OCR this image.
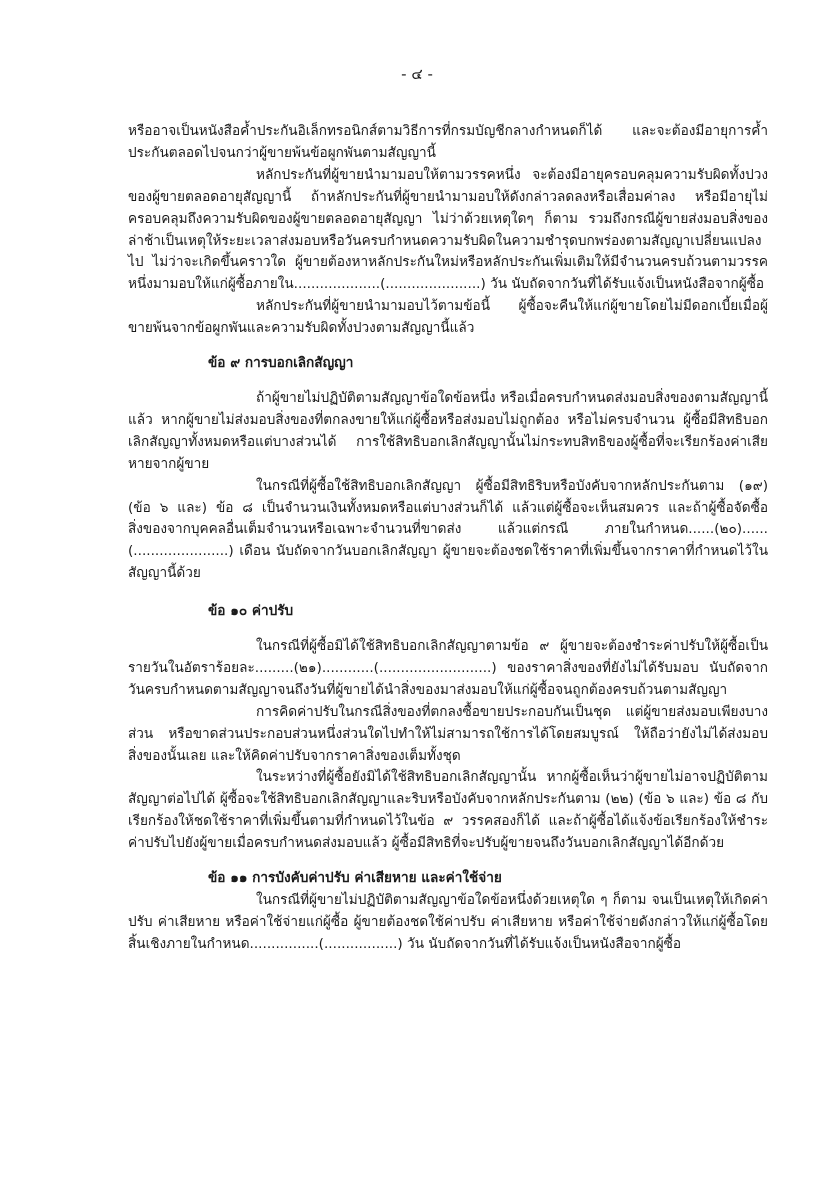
- ๔ -

หรืออาจเป็นหนังสือค้ำประกันอิเล็กทรอนิกส์ตามวิธีการที่กรมบัญชีกลางกำหนดก็ได้ และจะต้องมีอายุการค้ำประกันตลอดไปจนกว่าผู้ขายพ้นข้อผูกพันตามสัญญานี้

หลักประกันที่ผู้ขายนำมามอบให้ตามวรรคหนึ่ง จะต้องมีอายุครอบคลุมความรับผิดทั้งปวงของผู้ขายตลอดอายุสัญญานี้ ถ้าหลักประกันที่ผู้ขายนำมามอบให้ดังกล่าวลดลงหรือเสื่อมค่าลง หรือมีอายุไม่ครอบคลุมถึงความรับผิดของผู้ขายตลอดอายุสัญญา ไม่ว่าด้วยเหตุใดๆ ก็ตาม รวมถึงกรณีผู้ขายส่งมอบสิ่งของล่าช้าเป็นเหตุให้ระยะเวลาส่งมอบหรือวันครบกำหนดความรับผิดในความชำรุดบกพร่องตามสัญญาเปลี่ยนแปลงไป ไม่ว่าจะเกิดขึ้นคราวใด ผู้ขายต้องหาหลักประกันใหม่หรือหลักประกันเพิ่มเติมให้มีจำนวนครบถ้วนตามวรรคหนึ่งมามอบให้แก่ผู้ซื้อภายใน....................(......................) วัน นับถัดจากวันที่ได้รับแจ้งเป็นหนังสือจากผู้ซื้อ

หลักประกันที่ผู้ขายนำมามอบไว้ตามข้อนี้ ผู้ซื้อจะคืนให้แก่ผู้ขายโดยไม่มีดอกเบี้ยเมื่อผู้ขายพ้นจากข้อผูกพันและความรับผิดทั้งปวงตามสัญญานี้แล้ว

ข้อ ๙ การบอกเลิกสัญญา

ถ้าผู้ขายไม่ปฏิบัติตามสัญญาข้อใดข้อหนึ่ง หรือเมื่อครบกำหนดส่งมอบสิ่งของตามสัญญานี้แล้ว หากผู้ขายไม่ส่งมอบสิ่งของที่ตกลงขายให้แก่ผู้ซื้อหรือส่งมอบไม่ถูกต้อง หรือไม่ครบจำนวน ผู้ซื้อมีสิทธิบอกเลิกสัญญาทั้งหมดหรือแต่บางส่วนได้ การใช้สิทธิบอกเลิกสัญญานั้นไม่กระทบสิทธิของผู้ซื้อที่จะเรียกร้องค่าเสียหายจากผู้ขาย

ในกรณีที่ผู้ซื้อใช้สิทธิบอกเลิกสัญญา ผู้ซื้อมีสิทธิริบหรือบังคับจากหลักประกันตาม (๑๙) (ข้อ ๖ และ) ข้อ ๘ เป็นจำนวนเงินทั้งหมดหรือแต่บางส่วนก็ได้ แล้วแต่ผู้ซื้อจะเห็นสมควร และถ้าผู้ซื้อจัดซื้อสิ่งของจากบุคคลอื่นเต็มจำนวนหรือเฉพาะจำนวนที่ขาดส่ง แล้วแต่กรณี ภายในกำหนด......(๒๐)...... (......................) เดือน นับถัดจากวันบอกเลิกสัญญา ผู้ขายจะต้องชดใช้ราคาที่เพิ่มขึ้นจากราคาที่กำหนดไว้ในสัญญานี้ด้วย

ข้อ ๑๐ ค่าปรับ

ในกรณีที่ผู้ซื้อมิได้ใช้สิทธิบอกเลิกสัญญาตามข้อ ๙ ผู้ขายจะต้องชำระค่าปรับให้ผู้ซื้อเป็นรายวันในอัตราร้อยละ.........(๒๑)............(..........................) ของราคาสิ่งของที่ยังไม่ได้รับมอบ นับถัดจากวันครบกำหนดตามสัญญาจนถึงวันที่ผู้ขายได้นำสิ่งของมาส่งมอบให้แก่ผู้ซื้อจนถูกต้องครบถ้วนตามสัญญา

การคิดค่าปรับในกรณีสิ่งของที่ตกลงซื้อขายประกอบกันเป็นชุด แต่ผู้ขายส่งมอบเพียงบางส่วน หรือขาดส่วนประกอบส่วนหนึ่งส่วนใดไปทำให้ไม่สามารถใช้การได้โดยสมบูรณ์ ให้ถือว่ายังไม่ได้ส่งมอบสิ่งของนั้นเลย และให้คิดค่าปรับจากราคาสิ่งของเต็มทั้งชุด

ในระหว่างที่ผู้ซื้อยังมิได้ใช้สิทธิบอกเลิกสัญญานั้น หากผู้ซื้อเห็นว่าผู้ขายไม่อาจปฏิบัติตามสัญญาต่อไปได้ ผู้ซื้อจะใช้สิทธิบอกเลิกสัญญาและริบหรือบังคับจากหลักประกันตาม (๒๒) (ข้อ ๖ และ) ข้อ ๘ กับเรียกร้องให้ชดใช้ราคาที่เพิ่มขึ้นตามที่กำหนดไว้ในข้อ ๙ วรรคสองก็ได้ และถ้าผู้ซื้อได้แจ้งข้อเรียกร้องให้ชำระค่าปรับไปยังผู้ขายเมื่อครบกำหนดส่งมอบแล้ว ผู้ซื้อมีสิทธิที่จะปรับผู้ขายจนถึงวันบอกเลิกสัญญาได้อีกด้วย

ข้อ ๑๑ การบังคับค่าปรับ ค่าเสียหาย และค่าใช้จ่าย

ในกรณีที่ผู้ขายไม่ปฏิบัติตามสัญญาข้อใดข้อหนึ่งด้วยเหตุใด ๆ ก็ตาม จนเป็นเหตุให้เกิดค่าปรับ ค่าเสียหาย หรือค่าใช้จ่ายแก่ผู้ซื้อ ผู้ขายต้องชดใช้ค่าปรับ ค่าเสียหาย หรือค่าใช้จ่ายดังกล่าวให้แก่ผู้ซื้อโดยสิ้นเชิงภายในกำหนด................(.................) วัน นับถัดจากวันที่ได้รับแจ้งเป็นหนังสือจากผู้ซื้อ
